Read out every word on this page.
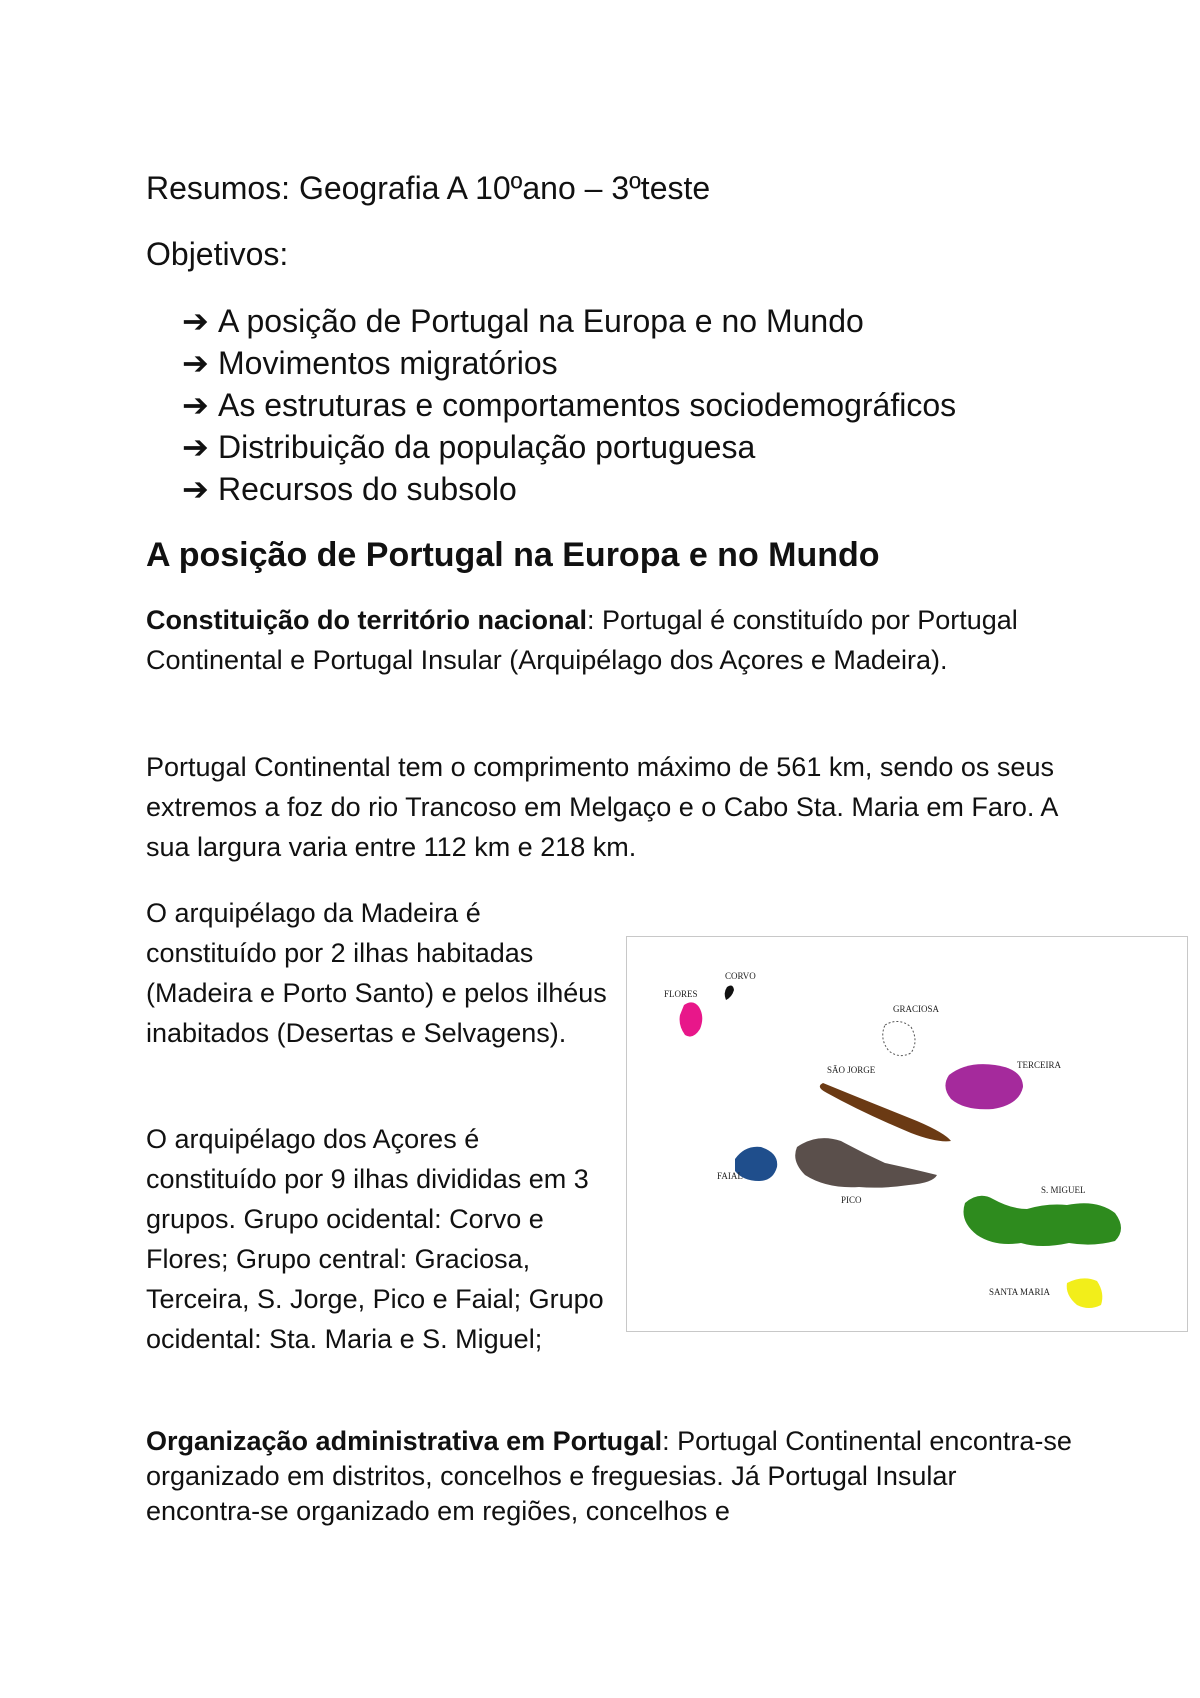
Resumos: Geografia A 10ºano – 3ºteste
Objetivos:
➔ A posição de Portugal na Europa e no Mundo
➔ Movimentos migratórios
➔ As estruturas e comportamentos sociodemográficos
➔ Distribuição da população portuguesa
➔ Recursos do subsolo
A posição de Portugal na Europa e no Mundo
Constituição do território nacional: Portugal é constituído por Portugal Continental e Portugal Insular (Arquipélago dos Açores e Madeira).
Portugal Continental tem o comprimento máximo de 561 km, sendo os seus extremos a foz do rio Trancoso em Melgaço e o Cabo Sta. Maria em Faro. A sua largura varia entre 112 km e 218 km.
O arquipélago da Madeira é constituído por 2 ilhas habitadas (Madeira e Porto Santo) e pelos ilhéus inabitados (Desertas e Selvagens).
O arquipélago dos Açores é constituído por 9 ilhas divididas em 3 grupos. Grupo ocidental: Corvo e Flores; Grupo central: Graciosa, Terceira, S. Jorge, Pico e Faial; Grupo ocidental: Sta. Maria e S. Miguel;
Organização administrativa em Portugal: Portugal Continental encontra-se organizado em distritos, concelhos e freguesias. Já Portugal Insular encontra-se organizado em regiões, concelhos e
CORVO
FLORES
GRACIOSA
TERCEIRA
SÃO JORGE
FAIAL
PICO
S. MIGUEL
SANTA MARIA
